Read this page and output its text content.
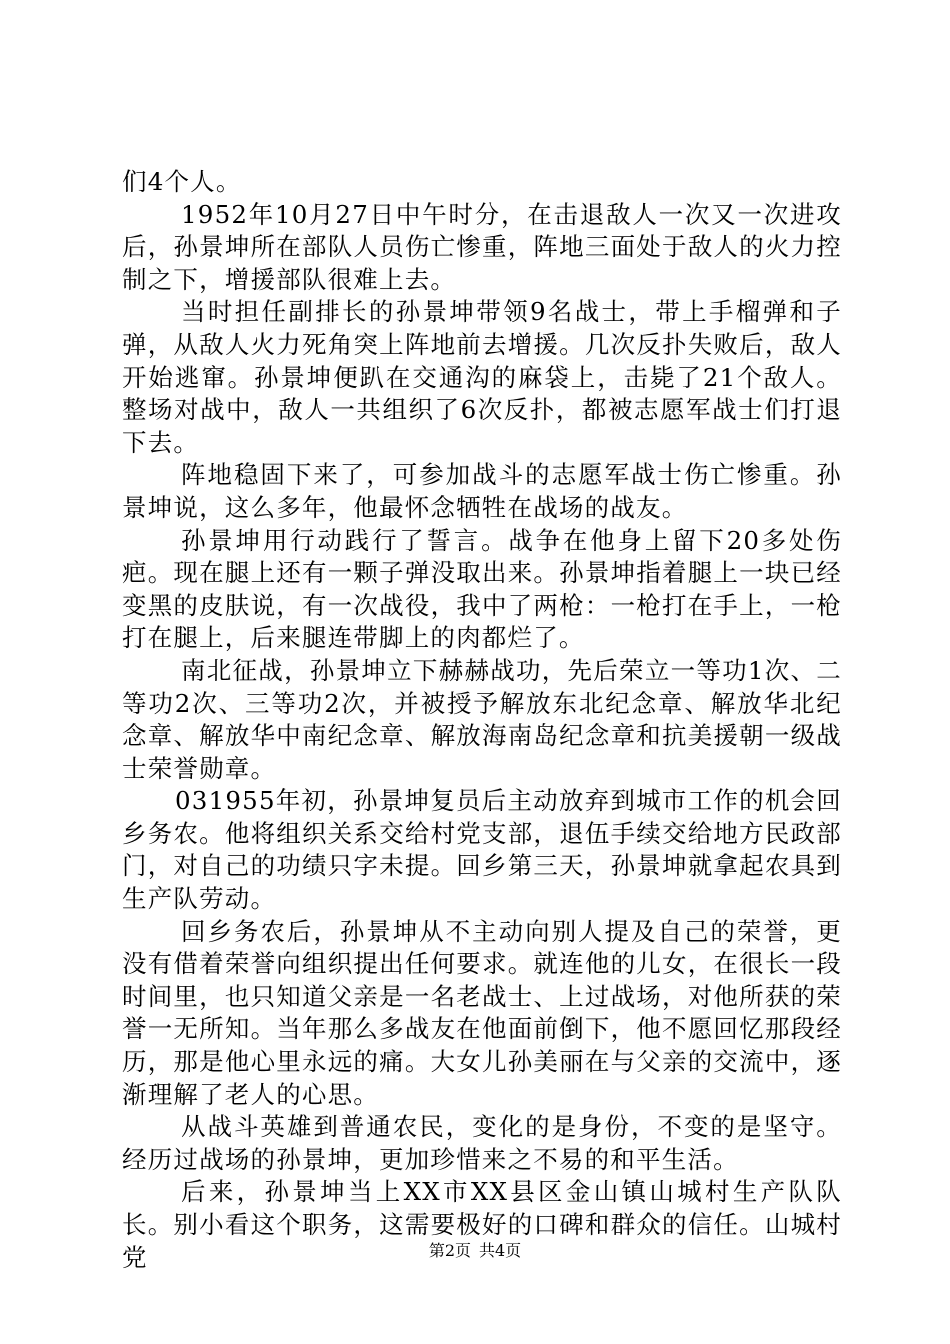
们4个人。

1952年10月27日中午时分，在击退敌人一次又一次进攻后，孙景坤所在部队人员伤亡惨重，阵地三面处于敌人的火力控制之下，增援部队很难上去。

当时担任副排长的孙景坤带领9名战士，带上手榴弹和子弹，从敌人火力死角突上阵地前去增援。几次反扑失败后，敌人开始逃窜。孙景坤便趴在交通沟的麻袋上，击毙了21个敌人。整场对战中，敌人一共组织了6次反扑，都被志愿军战士们打退下去。

阵地稳固下来了，可参加战斗的志愿军战士伤亡惨重。孙景坤说，这么多年，他最怀念牺牲在战场的战友。

孙景坤用行动践行了誓言。战争在他身上留下20多处伤疤。现在腿上还有一颗子弹没取出来。孙景坤指着腿上一块已经变黑的皮肤说，有一次战役，我中了两枪：一枪打在手上，一枪打在腿上，后来腿连带脚上的肉都烂了。

南北征战，孙景坤立下赫赫战功，先后荣立一等功1次、二等功2次、三等功2次，并被授予解放东北纪念章、解放华北纪念章、解放华中南纪念章、解放海南岛纪念章和抗美援朝一级战士荣誉勋章。

031955年初，孙景坤复员后主动放弃到城市工作的机会回乡务农。他将组织关系交给村党支部，退伍手续交给地方民政部门，对自己的功绩只字未提。回乡第三天，孙景坤就拿起农具到生产队劳动。

回乡务农后，孙景坤从不主动向别人提及自己的荣誉，更没有借着荣誉向组织提出任何要求。就连他的儿女，在很长一段时间里，也只知道父亲是一名老战士、上过战场，对他所获的荣誉一无所知。当年那么多战友在他面前倒下，他不愿回忆那段经历，那是他心里永远的痛。大女儿孙美丽在与父亲的交流中，逐渐理解了老人的心思。

从战斗英雄到普通农民，变化的是身份，不变的是坚守。经历过战场的孙景坤，更加珍惜来之不易的和平生活。

后来，孙景坤当上XX市XX县区金山镇山城村生产队队长。别小看这个职务，这需要极好的口碑和群众的信任。山城村党	第2页 共4页
